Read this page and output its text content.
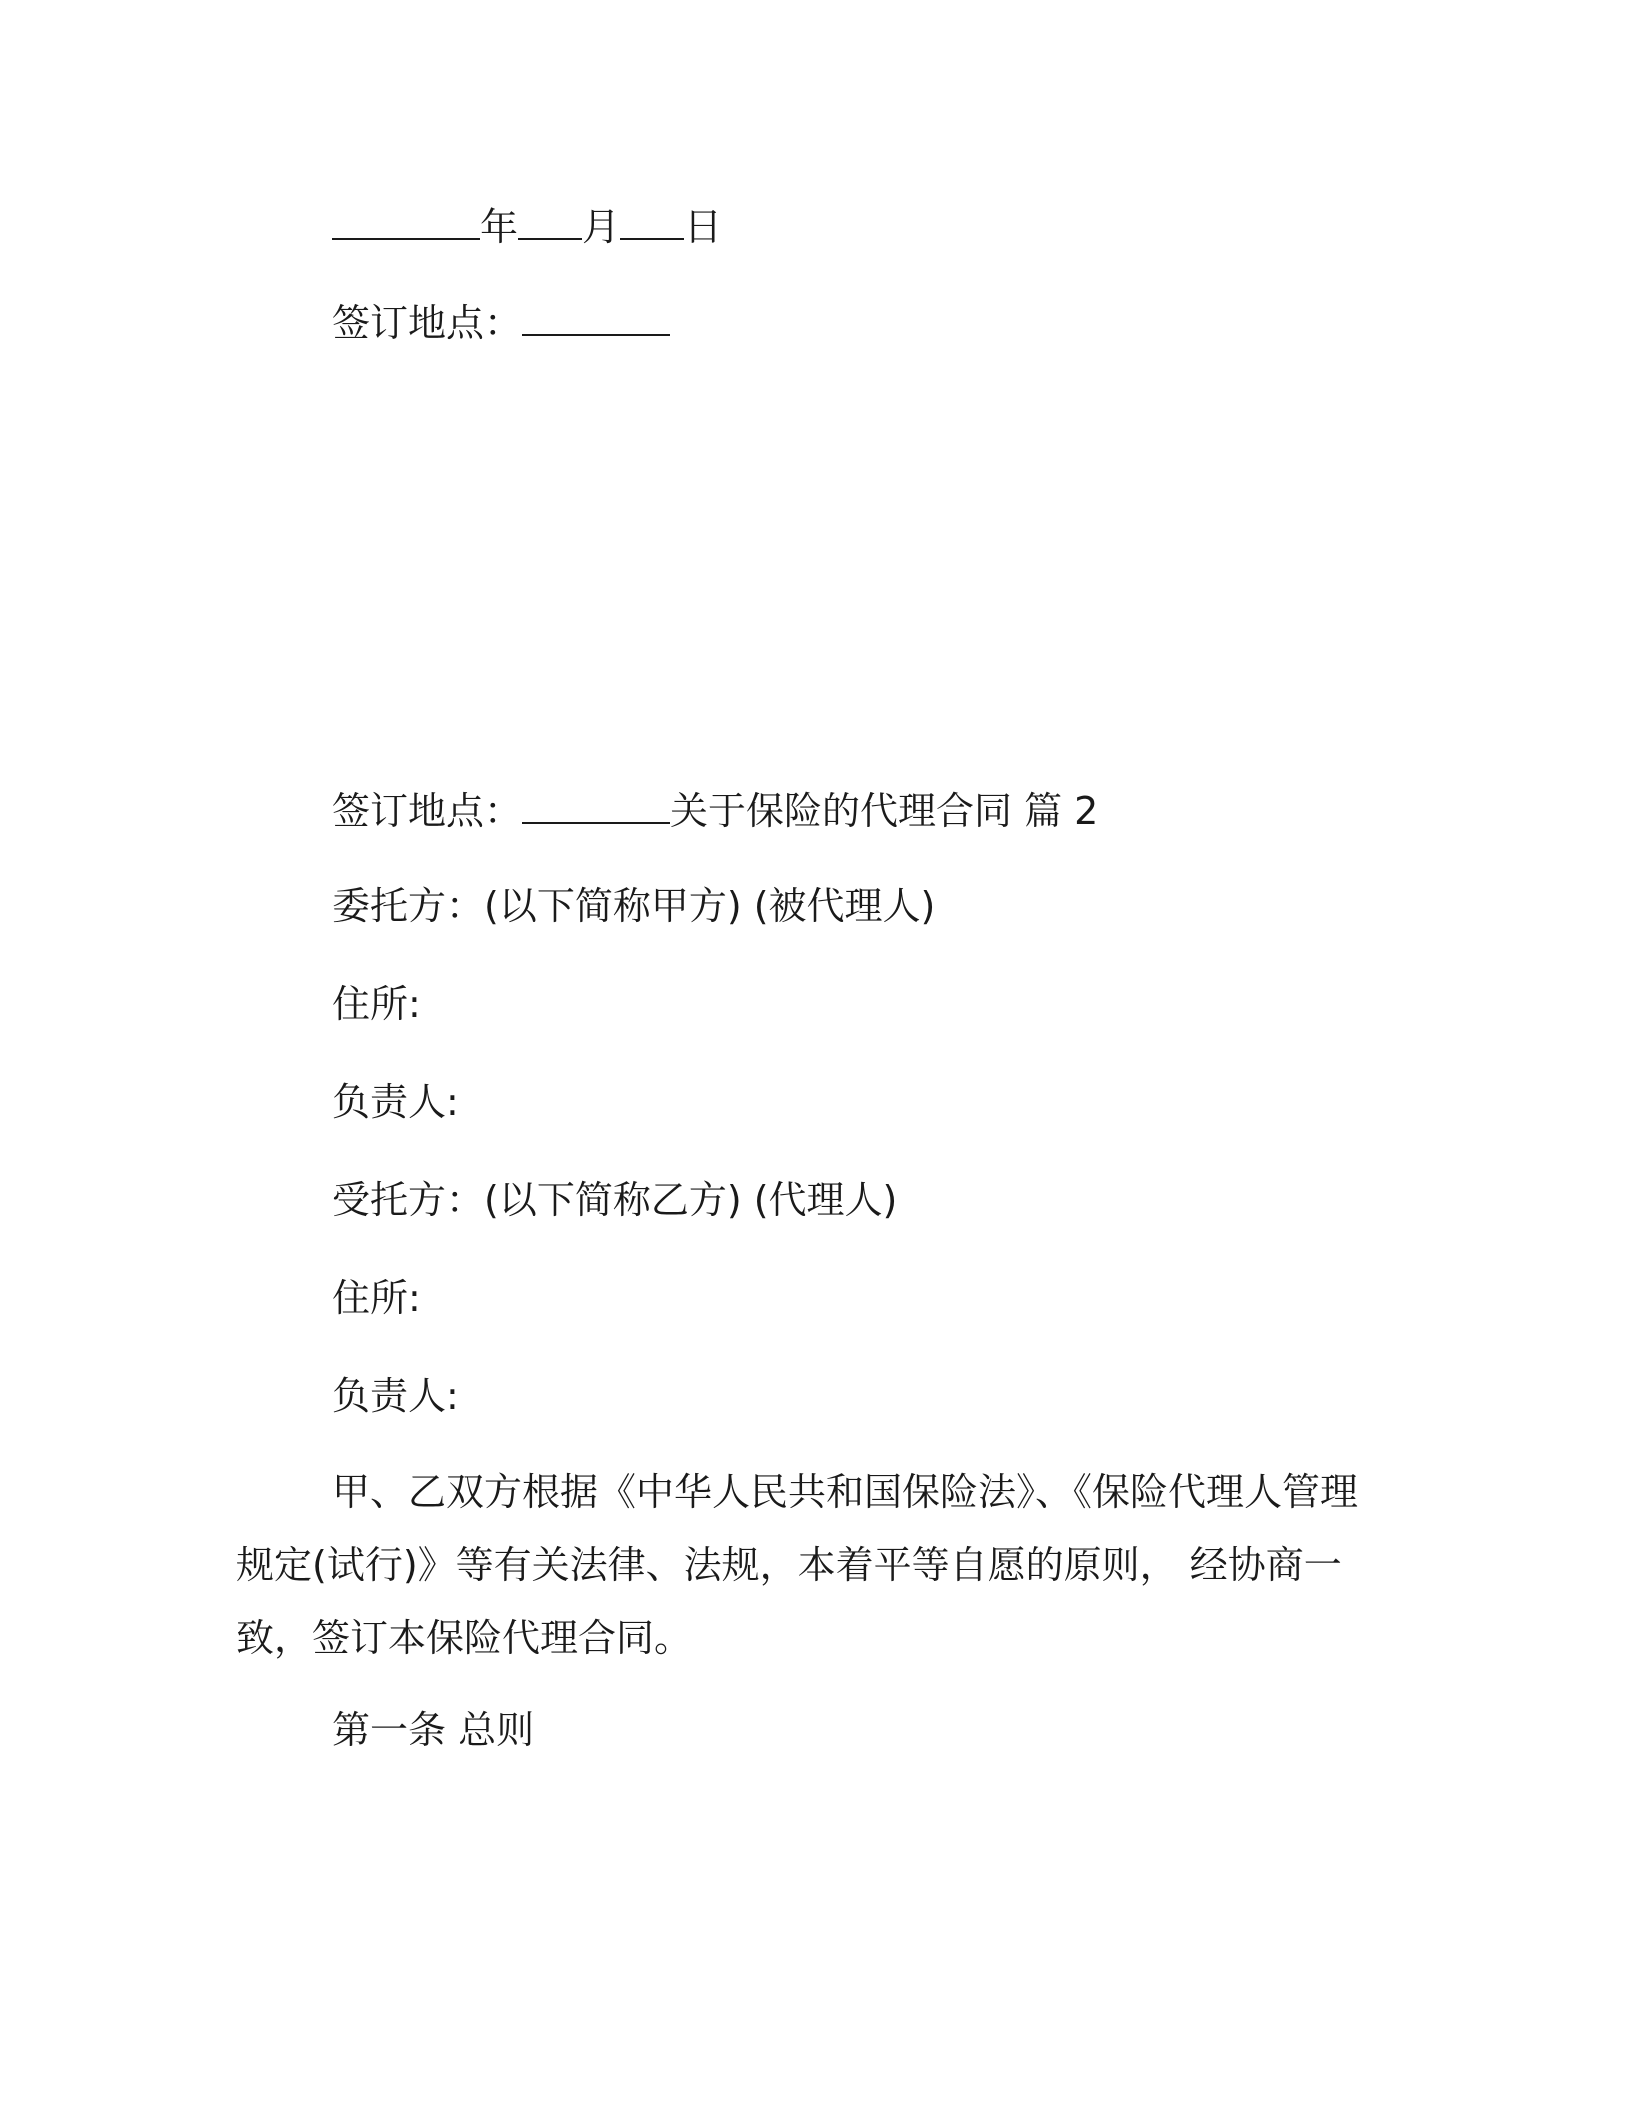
年 月 日
签订地点：
签订地点：	关于保险的代理合同 篇 2
委托方：(以下简称甲方) (被代理人)
住所:
负责人:
受托方：(以下简称乙方) (代理人)
住所:
负责人:
甲、乙双方根据《中华人民共和国保险法》、《保险代理人管理规定(试行)》等有关法律、法规，本着平等自愿的原则， 经协商一致，签订本保险代理合同。
第一条 总则
